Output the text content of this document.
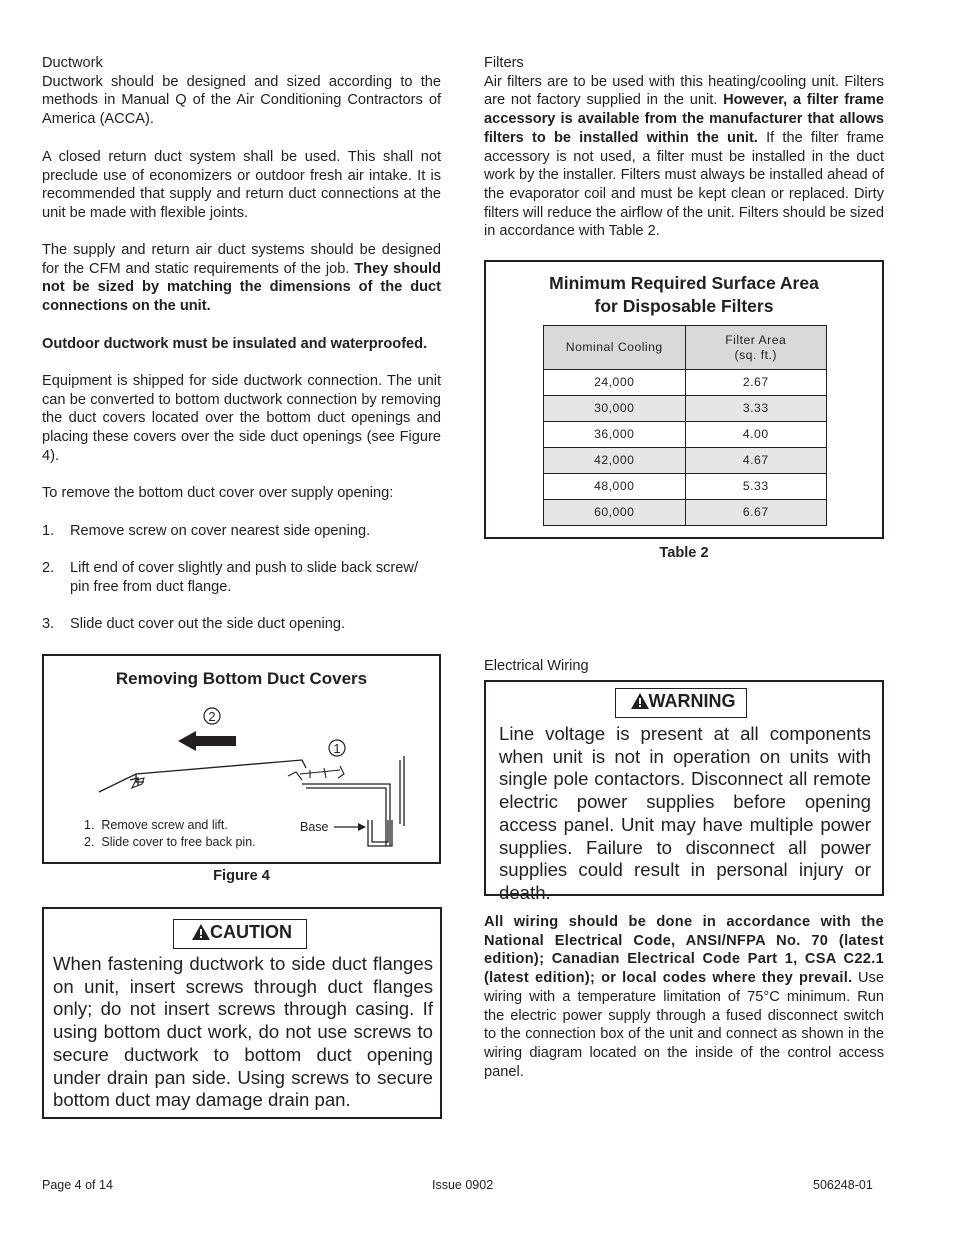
Ductwork

Ductwork should be designed and sized according to the methods in Manual Q of the Air Conditioning Contractors of America (ACCA).

A closed return duct system shall be used. This shall not preclude use of economizers or outdoor fresh air intake. It is recommended that supply and return duct connections at the unit be made with flexible joints.

The supply and return air duct systems should be designed for the CFM and static requirements of the job. They should not be sized by matching the dimensions of the duct connections on the unit.

Outdoor ductwork must be insulated and waterproofed.

Equipment is shipped for side ductwork connection. The unit can be converted to bottom ductwork connection by removing the duct covers located over the bottom duct openings and placing these covers over the side duct openings (see Figure 4).

To remove the bottom duct cover over supply opening:

1. Remove screw on cover nearest side opening.
2. Lift end of cover slightly and push to slide back screw/ pin free from duct flange.
3. Slide duct cover out the side duct opening.
Removing Bottom Duct Covers
2
1
Base
1.  Remove screw and lift.
2.  Slide cover to free back pin.
Figure 4
CAUTION
When fastening ductwork to side duct flanges on unit, insert screws through duct flanges only; do not insert screws through casing. If using bottom duct work, do not use screws to secure ductwork to bottom duct opening under drain pan side. Using screws to secure bottom duct may damage drain pan.

Filters

Air filters are to be used with this heating/cooling unit. Filters are not factory supplied in the unit. However, a filter frame accessory is available from the manufacturer that allows filters to be installed within the unit. If the filter frame accessory is not used, a filter must be installed in the duct work by the installer. Filters must always be installed ahead of the evaporator coil and must be kept clean or replaced. Dirty filters will reduce the airflow of the unit. Filters should be sized in accordance with Table 2.

Minimum Required Surface Area
for Disposable Filters
Nominal Cooling	Filter Area
(sq. ft.)
24,000	2.67
30,000	3.33
36,000	4.00
42,000	4.67
48,000	5.33
60,000	6.67
Table 2

Electrical Wiring

WARNING
Line voltage is present at all components when unit is not in operation on units with single pole contactors. Disconnect all remote electric power supplies before opening access panel. Unit may have multiple power supplies. Failure to disconnect all power supplies could result in personal injury or death.

All wiring should be done in accordance with the National Electrical Code, ANSI/NFPA No. 70 (latest edition); Canadian Electrical Code Part 1, CSA C22.1 (latest edition); or local codes where they prevail. Use wiring with a temperature limitation of 75°C minimum. Run the electric power supply through a fused disconnect switch to the connection box of the unit and connect as shown in the wiring diagram located on the inside of the control access panel.

Page 4 of 14	Issue 0902	506248-01
